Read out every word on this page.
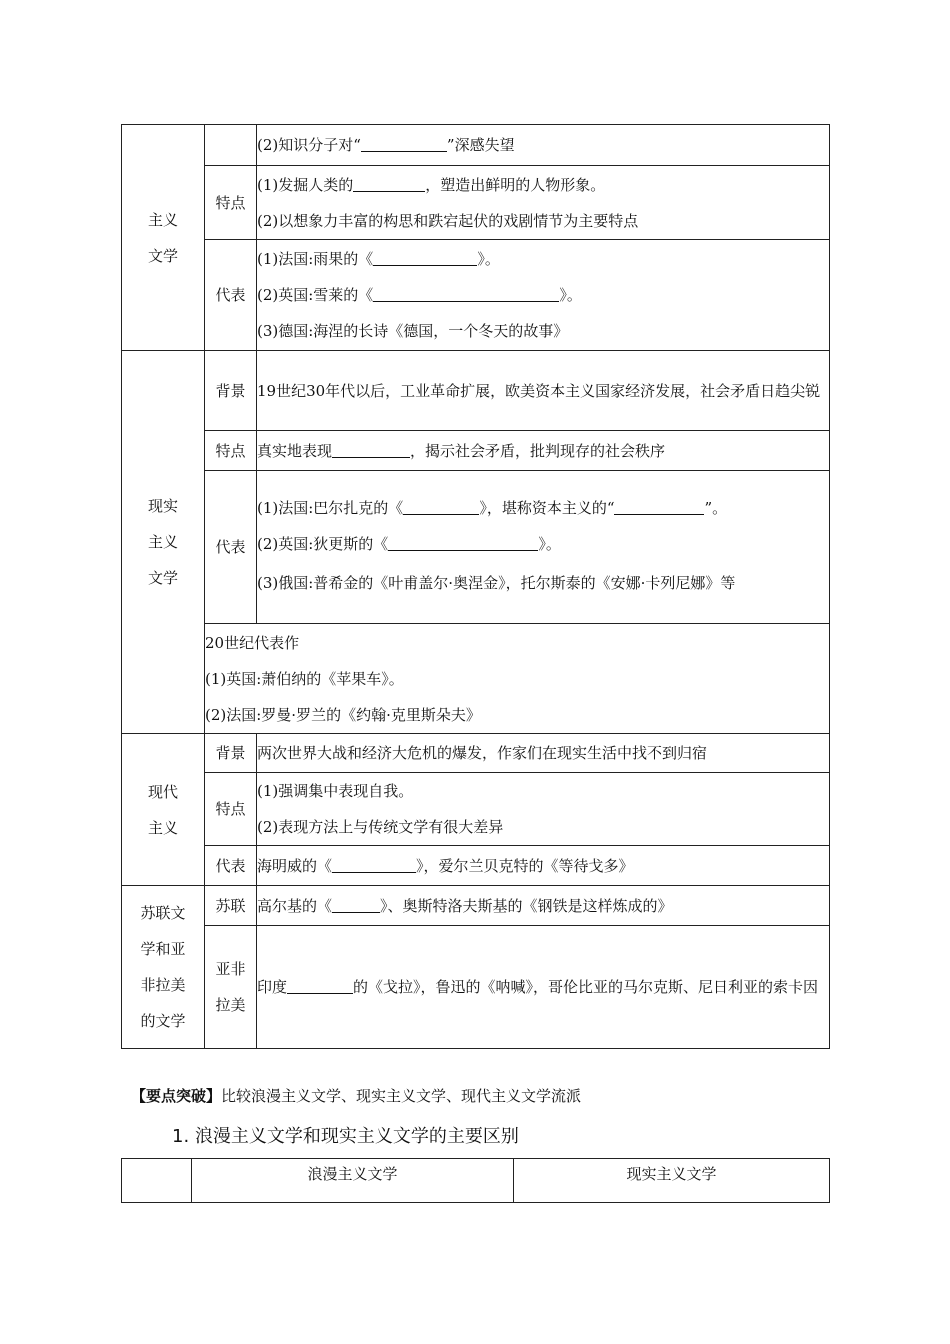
主义
文学		(2)知识分子对“ ”深感失望

	特点	(1)发掘人类的 ，塑造出鲜明的人物形象。

(2)以想象力丰富的构思和跌宕起伏的戏剧情节为主要特点

	代表	(1)法国:雨果的《 》。

(2)英国:雪莱的《 》。

(3)德国:海涅的长诗《德国，一个冬天的故事》

现实
主义
文学	背景	19世纪30年代以后，工业革命扩展，欧美资本主义国家经济发展，社会矛盾日趋尖锐

	特点	真实地表现 ，揭示社会矛盾，批判现存的社会秩序

	代表	(1)法国:巴尔扎克的《 》，堪称资本主义的“ ”。

(2)英国:狄更斯的《 》。

(3)俄国:普希金的《叶甫盖尔·奥涅金》，托尔斯泰的《安娜·卡列尼娜》等

	20世纪代表作

(1)英国:萧伯纳的《苹果车》。

(2)法国:罗曼·罗兰的《约翰·克里斯朵夫》	

现代
主义	背景	两次世界大战和经济大危机的爆发，作家们在现实生活中找不到归宿

	特点	(1)强调集中表现自我。

(2)表现方法上与传统文学有很大差异

	代表	海明威的《 》，爱尔兰贝克特的《等待戈多》

苏联文
学和亚
非拉美
的文学	苏联	高尔基的《 》、奥斯特洛夫斯基的《钢铁是这样炼成的》

	亚非
拉美	印度 的《戈拉》，鲁迅的《呐喊》，哥伦比亚的马尔克斯、尼日利亚的索卡因

【要点突破】比较浪漫主义文学、现实主义文学、现代主义文学流派
1. 浪漫主义文学和现实主义文学的主要区别
	浪漫主义文学	现实主义文学
